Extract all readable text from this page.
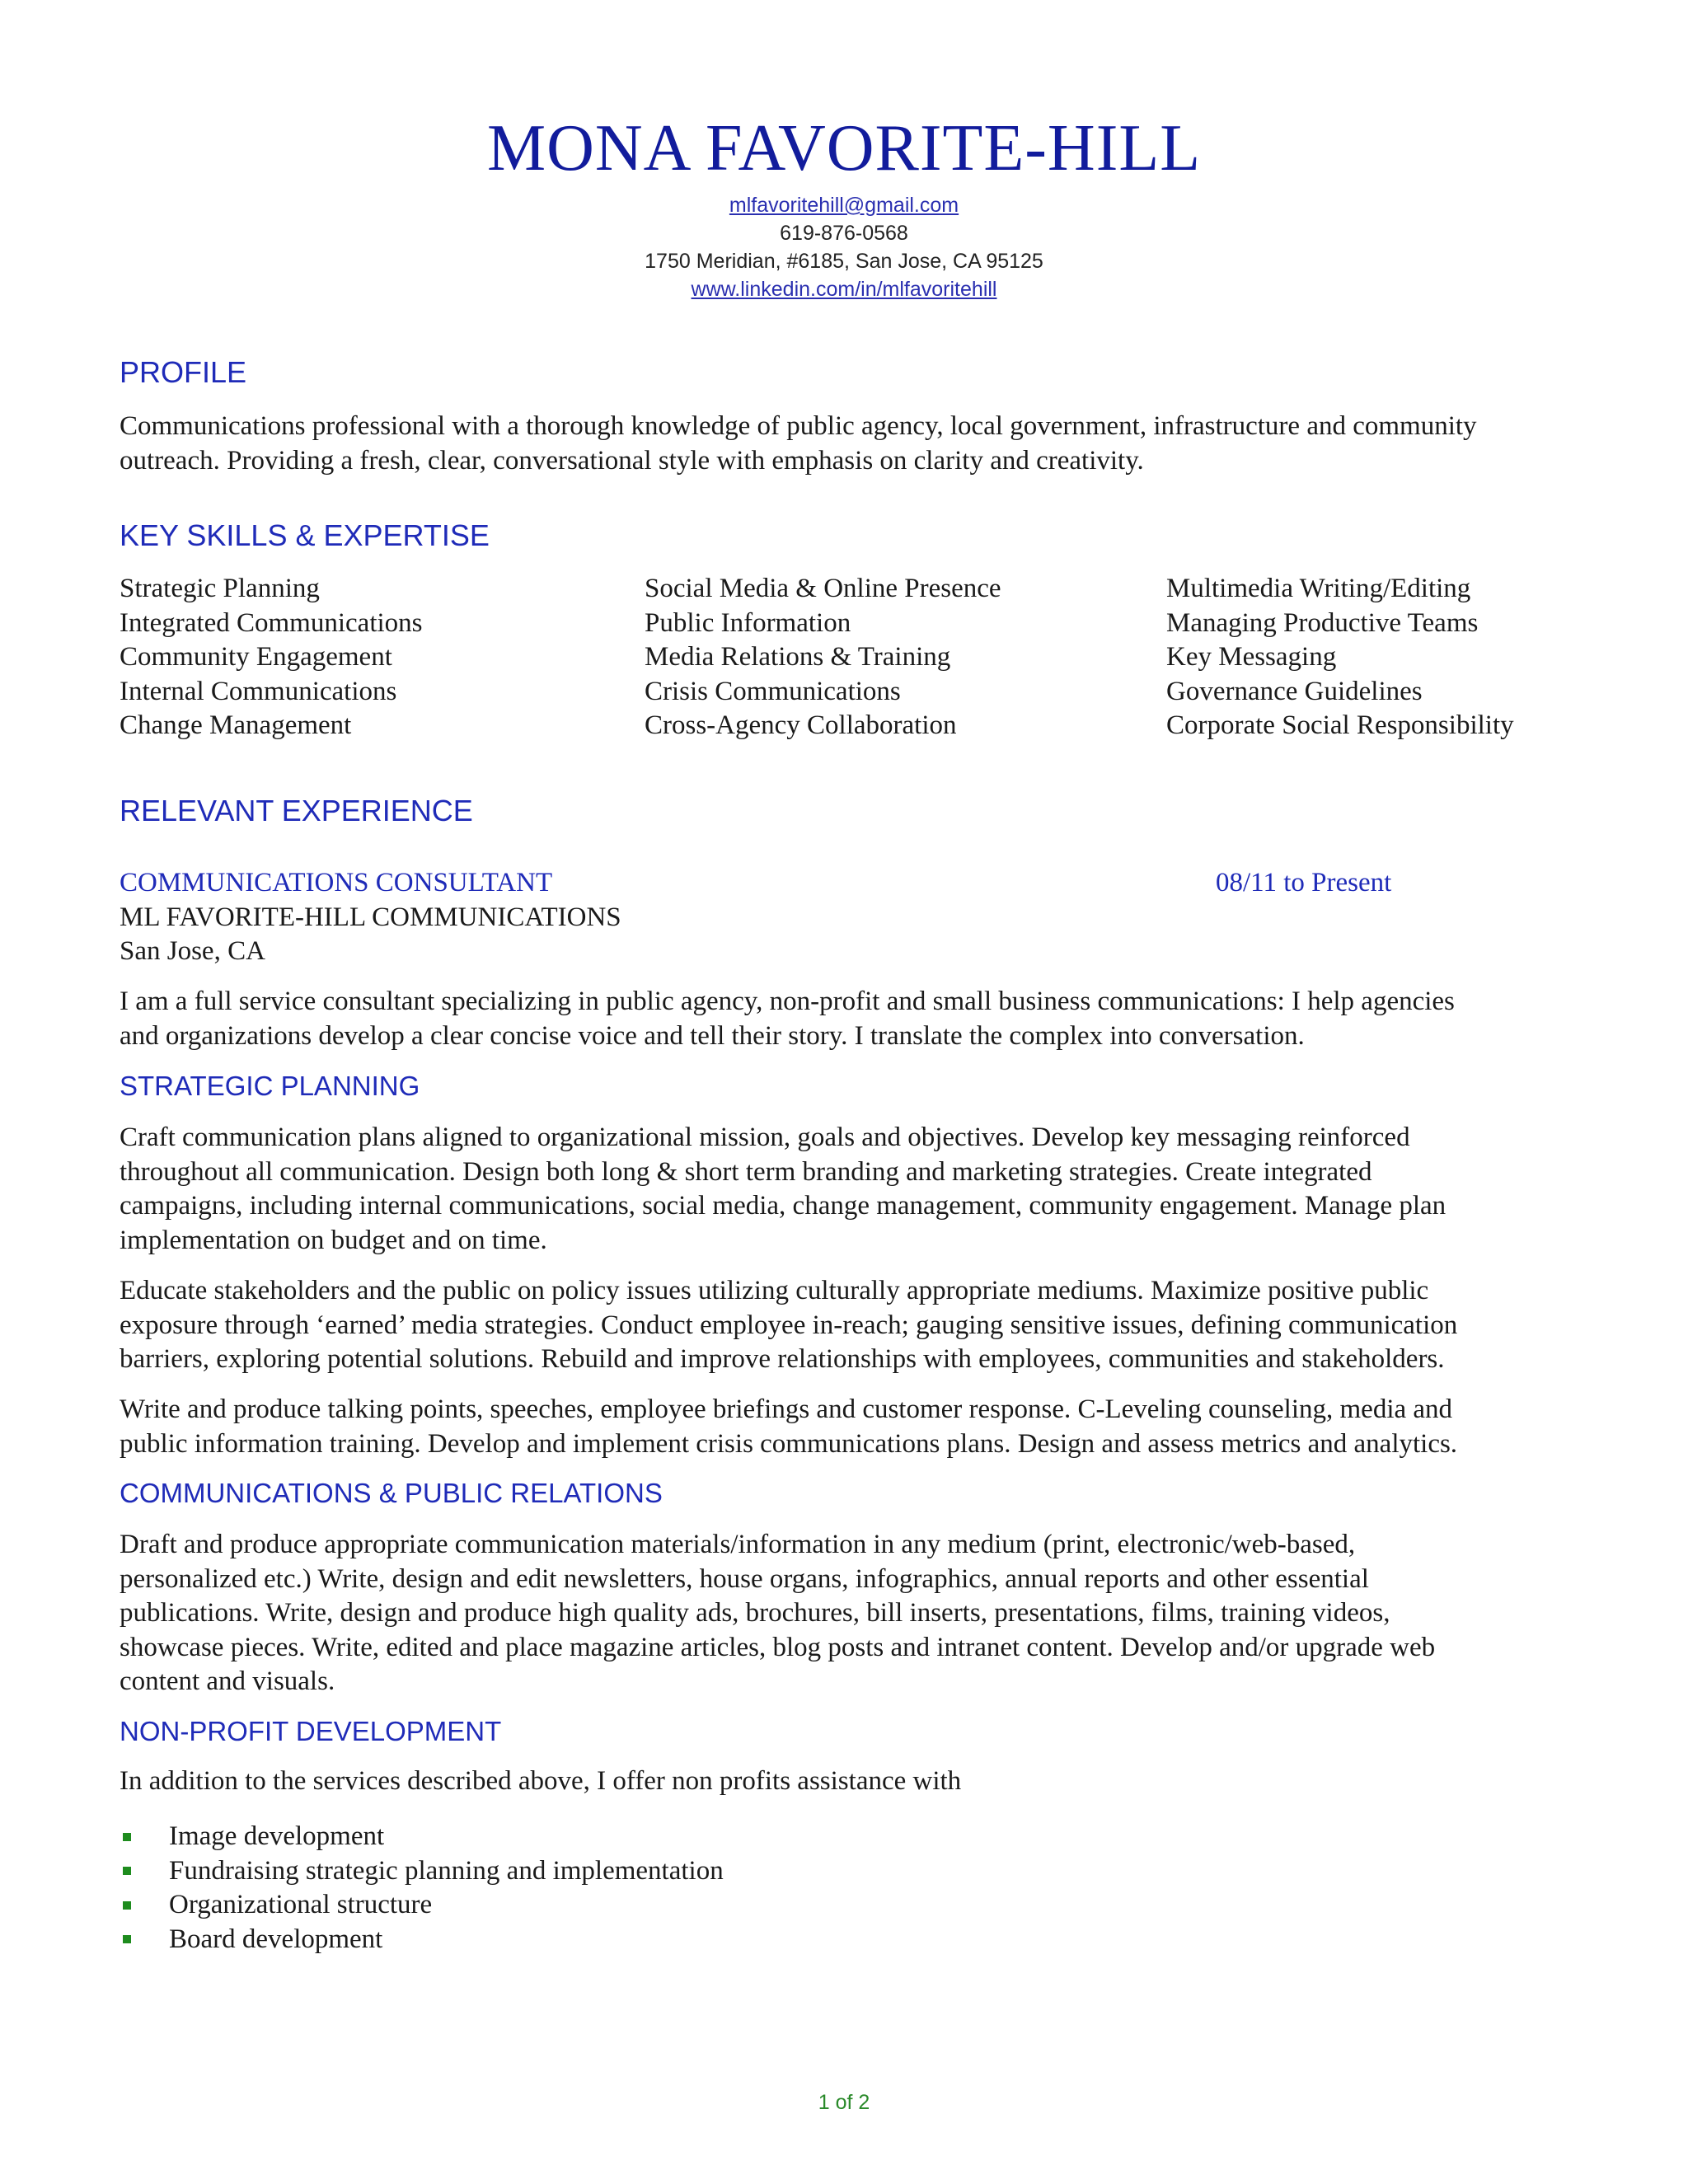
MONA FAVORITE-HILL
mlfavoritehill@gmail.com
619-876-0568
1750 Meridian, #6185, San Jose, CA 95125
www.linkedin.com/in/mlfavoritehill
PROFILE
Communications professional with a thorough knowledge of public agency, local government, infrastructure and community
outreach. Providing a fresh, clear, conversational style with emphasis on clarity and creativity.
KEY SKILLS & EXPERTISE
Strategic Planning
Integrated Communications
Community Engagement
Internal Communications
Change Management
Social Media & Online Presence
Public Information
Media Relations & Training
Crisis Communications
Cross-Agency Collaboration
Multimedia Writing/Editing
Managing Productive Teams
Key Messaging
Governance Guidelines
Corporate Social Responsibility
RELEVANT EXPERIENCE
COMMUNICATIONS CONSULTANT	08/11 to Present
ML FAVORITE-HILL COMMUNICATIONS
San Jose, CA
I am a full service consultant specializing in public agency, non-profit and small business communications: I help agencies
and organizations develop a clear concise voice and tell their story. I translate the complex into conversation.
STRATEGIC PLANNING
Craft communication plans aligned to organizational mission, goals and objectives. Develop key messaging reinforced
throughout all communication. Design both long & short term branding and marketing strategies. Create integrated
campaigns, including internal communications, social media, change management, community engagement. Manage plan
implementation on budget and on time.
Educate stakeholders and the public on policy issues utilizing culturally appropriate mediums. Maximize positive public
exposure through ‘earned’ media strategies. Conduct employee in-reach; gauging sensitive issues, defining communication
barriers, exploring potential solutions. Rebuild and improve relationships with employees, communities and stakeholders.
Write and produce talking points, speeches, employee briefings and customer response. C-Leveling counseling, media and
public information training. Develop and implement crisis communications plans. Design and assess metrics and analytics.
COMMUNICATIONS & PUBLIC RELATIONS
Draft and produce appropriate communication materials/information in any medium (print, electronic/web-based,
personalized etc.) Write, design and edit newsletters, house organs, infographics, annual reports and other essential
publications. Write, design and produce high quality ads, brochures, bill inserts, presentations, films, training videos,
showcase pieces. Write, edited and place magazine articles, blog posts and intranet content. Develop and/or upgrade web
content and visuals.
NON-PROFIT DEVELOPMENT
In addition to the services described above, I offer non profits assistance with
Image development
Fundraising strategic planning and implementation
Organizational structure
Board development
1 of 2
